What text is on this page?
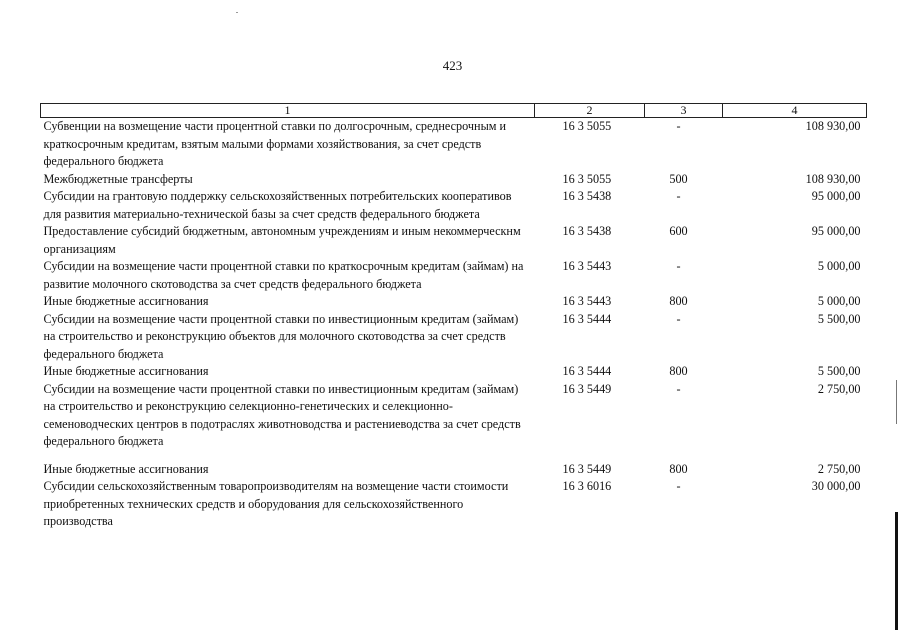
423
1	2	3	4
Субвенции на возмещение части процентной ставки по долгосрочным, среднесрочным и краткосрочным кредитам, взятым малыми формами хозяйствования, за счет средств федерального бюджета	16 3 5055	-	108 930,00
Межбюджетные трансферты	16 3 5055	500	108 930,00
Субсидии на грантовую поддержку сельскохозяйственных потребительских кооперативов для развития материально-технической базы за счет средств федерального бюджета	16 3 5438	-	95 000,00
Предоставление субсидий бюджетным, автономным учреждениям и иным некоммерческнм организациям	16 3 5438	600	95 000,00
Субсидии на возмещение части процентной ставки по краткосрочным кредитам (займам) на развитие молочного скотоводства за счет средств федерального бюджета	16 3 5443	-	5 000,00
Иные бюджетные ассигнования	16 3 5443	800	5 000,00
Субсидии на возмещение части процентной ставки по инвестиционным кредитам (займам) на строительство и реконструкцию объектов для молочного скотоводства за счет средств федерального бюджета	16 3 5444	-	5 500,00
Иные бюджетные ассигнования	16 3 5444	800	5 500,00
Субсидии на возмещение части процентной ставки по инвестиционным кредитам (займам) на строительство и реконструкцию селекционно-генетических и селекционно-семеноводческих центров в подотраслях животноводства и растениеводства за счет средств федерального бюджета	16 3 5449	-	2 750,00
Иные бюджетные ассигнования	16 3 5449	800	2 750,00
Субсидии сельскохозяйственным товаропроизводителям на возмещение части стоимости приобретенных технических средств и оборудования для сельскохозяйственного производства	16 3 6016	-	30 000,00
